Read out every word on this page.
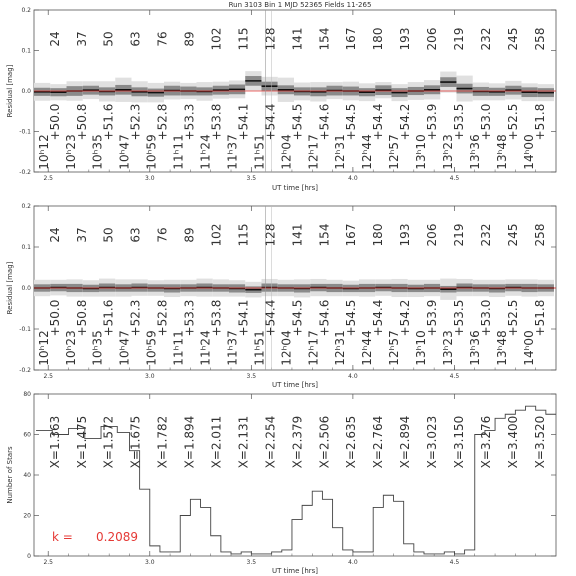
Run 3103 Bin 1 MJD 52365 Fields 11-265
UT time [hrs]
Residual [mag]
2.5	3.0	3.5	4.0	4.5
0.2
0.1
0.0
-0.1
-0.2
24
+50.0
10ʰ12
37
+50.8
10ʰ23
50
+51.6
10ʰ35
63
+52.3
10ʰ47
76
+52.8
10ʰ59
89
+53.3
11ʰ11
102
+53.8
11ʰ24
115
+54.1
11ʰ37
128
+54.4
11ʰ51
141
+54.5
12ʰ04
154
+54.6
12ʰ17
167
+54.5
12ʰ31
180
+54.4
12ʰ44
193
+54.2
12ʰ57
206
+53.9
13ʰ10
219
+53.5
13ʰ23
232
+53.0
13ʰ36
245
+52.5
13ʰ48
258
+51.8
14ʰ00
UT time [hrs]
Residual [mag]
2.5	3.0	3.5	4.0	4.5
0.2
0.1
0.0
-0.1
-0.2
24
+50.0
10ʰ12
37
+50.8
10ʰ23
50
+51.6
10ʰ35
63
+52.3
10ʰ47
76
+52.8
10ʰ59
89
+53.3
11ʰ11
102
+53.8
11ʰ24
115
+54.1
11ʰ37
128
+54.4
11ʰ51
141
+54.5
12ʰ04
154
+54.6
12ʰ17
167
+54.5
12ʰ31
180
+54.4
12ʰ44
193
+54.2
12ʰ57
206
+53.9
13ʰ10
219
+53.5
13ʰ23
232
+53.0
13ʰ36
245
+52.5
13ʰ48
258
+51.8
14ʰ00
UT time [hrs]
Number of Stars
k = 0.2089
2.5	3.0	3.5	4.0	4.5
0
20
40
60
80
X=1.363 X=1.475 X=1.572 X=1.675 X=1.782 X=1.894 X=2.011 X=2.131 X=2.254 X=2.379 X=2.506 X=2.635 X=2.764 X=2.894 X=3.023 X=3.150 X=3.276 X=3.400 X=3.520
